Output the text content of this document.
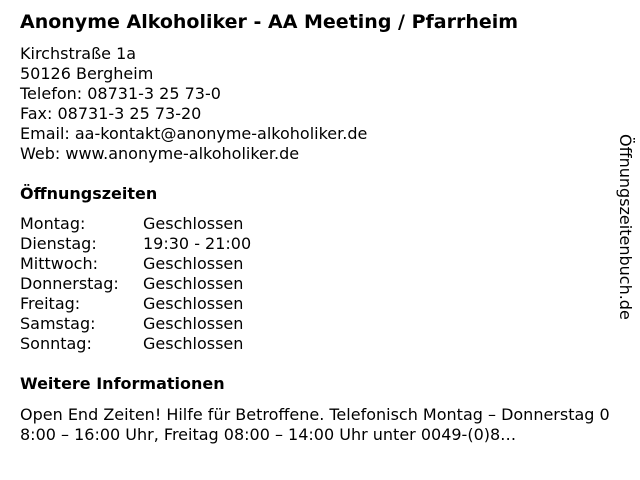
Anonyme Alkoholiker - AA Meeting / Pfarrheim
Kirchstraße 1a
50126 Bergheim
Telefon: 08731-3 25 73-0
Fax: 08731-3 25 73-20
Email: aa-kontakt@anonyme-alkoholiker.de
Web: www.anonyme-alkoholiker.de
Öffnungszeiten
Montag:	Geschlossen
Dienstag:	19:30 - 21:00
Mittwoch:	Geschlossen
Donnerstag:	Geschlossen
Freitag:	Geschlossen
Samstag:	Geschlossen
Sonntag:	Geschlossen
Weitere Informationen
Open End Zeiten! Hilfe für Betroffene. Telefonisch Montag – Donnerstag 08:00 – 16:00 Uhr, Freitag 08:00 – 14:00 Uhr unter 0049-(0)8…
Öffnungszeitenbuch.de
